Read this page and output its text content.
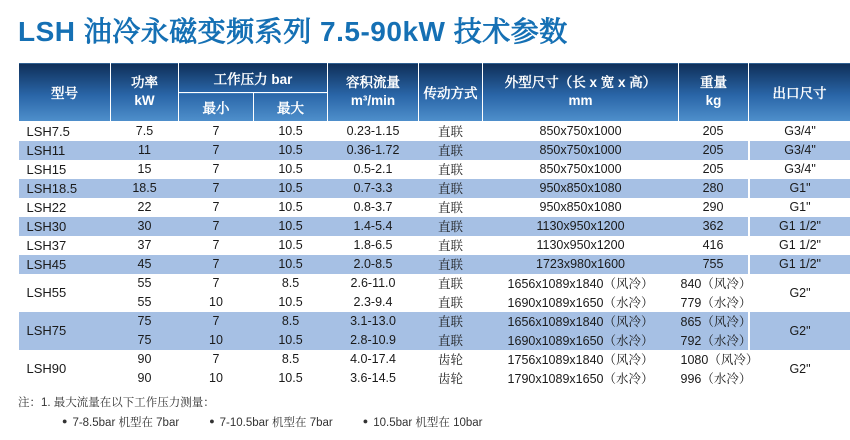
LSH 油冷永磁变频系列 7.5-90kW 技术参数
型号	
功率
kW
	工作压力 bar	容积流量
m³/min	传动方式	
外型尺寸（长 x 宽 x 高）
mm

重量
kg	出口尺寸
		最小	最大					
LSH7.5	7.5	7	10.5	0.23-1.15	直联	850x750x1000	205	G3/4"
LSH11	11	7	10.5	0.36-1.72	直联	850x750x1000	205	G3/4"
LSH15	15	7	10.5	0.5-2.1	直联	850x750x1000	205	G3/4"
LSH18.5	18.5	7	10.5	0.7-3.3	直联	950x850x1080	280	G1"
LSH22	22	7	10.5	0.8-3.7	直联	950x850x1080	290	G1"
LSH30	30	7	10.5	1.4-5.4	直联	1130x950x1200	362	G1 1/2"
LSH37	37	7	10.5	1.8-6.5	直联	1130x950x1200	416	G1 1/2"
LSH45	45	7	10.5	2.0-8.5	直联	1723x980x1600	755	G1 1/2"
LSH55	55	7	8.5	2.6-11.0	直联	1656x1089x1840（风冷）	840（风冷）	G2"
	55	10	10.5	2.3-9.4	直联	1690x1089x1650（水冷）	779（水冷）	
LSH75	75	7	8.5	3.1-13.0	直联	1656x1089x1840（风冷）	865（风冷）	G2"
	75	10	10.5	2.8-10.9	直联	1690x1089x1650（水冷）	792（水冷）	
LSH90	90	7	8.5	4.0-17.4	齿轮	1756x1089x1840（风冷）	1080（风冷）	G2"
	90	10	10.5	3.6-14.5	齿轮	1790x1089x1650（水冷）	996（水冷）	
注：1. 最大流量在以下工作压力测量：
● 7-8.5bar 机型在 7bar	● 7-10.5bar 机型在 7bar	● 10.5bar 机型在 10bar
